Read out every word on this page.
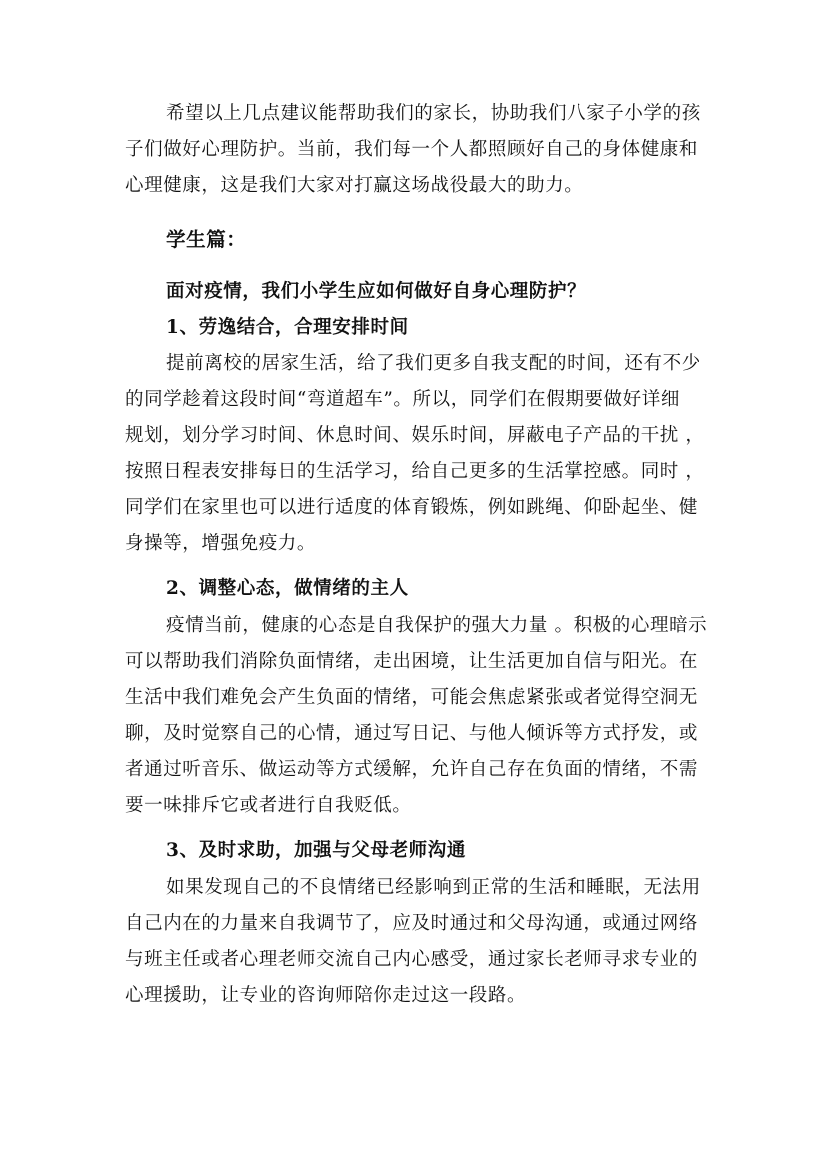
希望以上几点建议能帮助我们的家长，协助我们八家子小学的孩
子们做好心理防护。当前，我们每一个人都照顾好自己的身体健康和
心理健康，这是我们大家对打赢这场战役最大的助力。
学生篇：
面对疫情，我们小学生应如何做好自身心理防护？
1、劳逸结合，合理安排时间
提前离校的居家生活，给了我们更多自我支配的时间，还有不少
的同学趁着这段时间“弯道超车”。所以，同学们在假期要做好详细
规划，划分学习时间、休息时间、娱乐时间，屏蔽电子产品的干扰 ，
按照日程表安排每日的生活学习，给自己更多的生活掌控感。同时 ，
同学们在家里也可以进行适度的体育锻炼，例如跳绳、仰卧起坐、健
身操等，增强免疫力。
2、调整心态，做情绪的主人
疫情当前，健康的心态是自我保护的强大力量 。积极的心理暗示
可以帮助我们消除负面情绪，走出困境，让生活更加自信与阳光。在
生活中我们难免会产生负面的情绪，可能会焦虑紧张或者觉得空洞无
聊，及时觉察自己的心情，通过写日记、与他人倾诉等方式抒发，或
者通过听音乐、做运动等方式缓解，允许自己存在负面的情绪，不需
要一味排斥它或者进行自我贬低。
3、及时求助，加强与父母老师沟通
如果发现自己的不良情绪已经影响到正常的生活和睡眠，无法用
自己内在的力量来自我调节了，应及时通过和父母沟通，或通过网络
与班主任或者心理老师交流自己内心感受，通过家长老师寻求专业的
心理援助，让专业的咨询师陪你走过这一段路。
